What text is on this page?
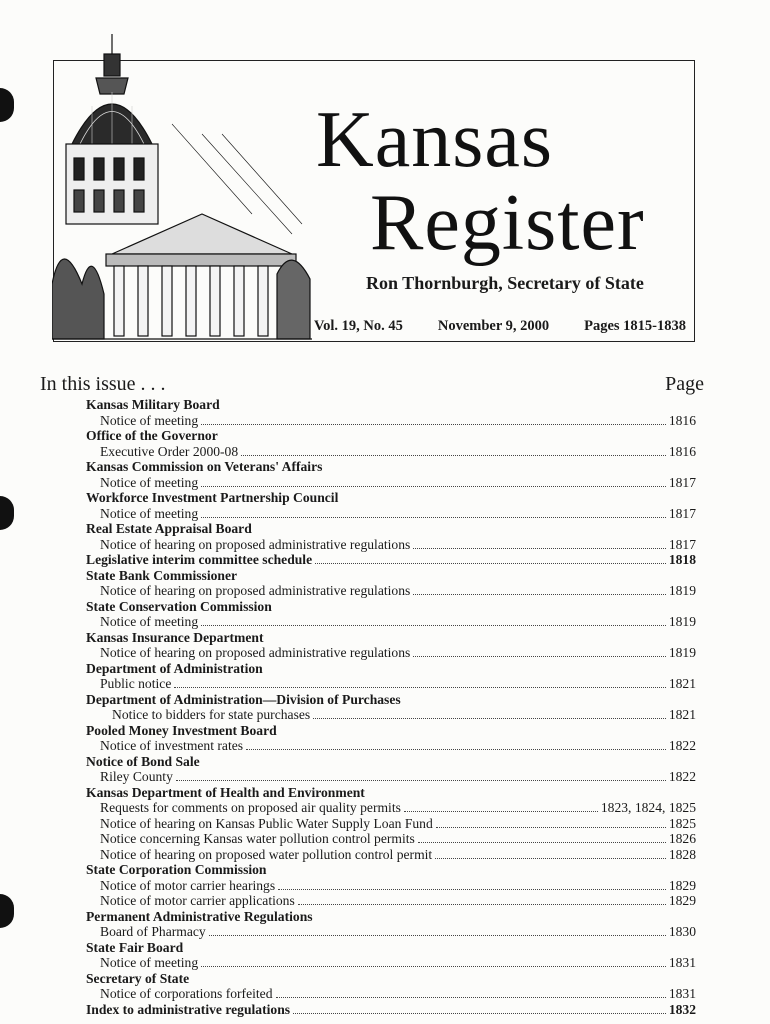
Kansas
Register
Ron Thornburgh, Secretary of State
Vol. 19, No. 45 November 9, 2000 Pages 1815-1838
In this issue . . .	Page
Kansas Military Board
Notice of meeting	1816
Office of the Governor
Executive Order 2000-08	1816
Kansas Commission on Veterans' Affairs
Notice of meeting	1817
Workforce Investment Partnership Council
Notice of meeting	1817
Real Estate Appraisal Board
Notice of hearing on proposed administrative regulations	1817
Legislative interim committee schedule	1818
State Bank Commissioner
Notice of hearing on proposed administrative regulations	1819
State Conservation Commission
Notice of meeting	1819
Kansas Insurance Department
Notice of hearing on proposed administrative regulations	1819
Department of Administration
Public notice	1821
Department of Administration—Division of Purchases
Notice to bidders for state purchases	1821
Pooled Money Investment Board
Notice of investment rates	1822
Notice of Bond Sale
Riley County	1822
Kansas Department of Health and Environment
Requests for comments on proposed air quality permits	1823, 1824, 1825
Notice of hearing on Kansas Public Water Supply Loan Fund	1825
Notice concerning Kansas water pollution control permits	1826
Notice of hearing on proposed water pollution control permit	1828
State Corporation Commission
Notice of motor carrier hearings	1829
Notice of motor carrier applications	1829
Permanent Administrative Regulations
Board of Pharmacy	1830
State Fair Board
Notice of meeting	1831
Secretary of State
Notice of corporations forfeited	1831
Index to administrative regulations	1832
